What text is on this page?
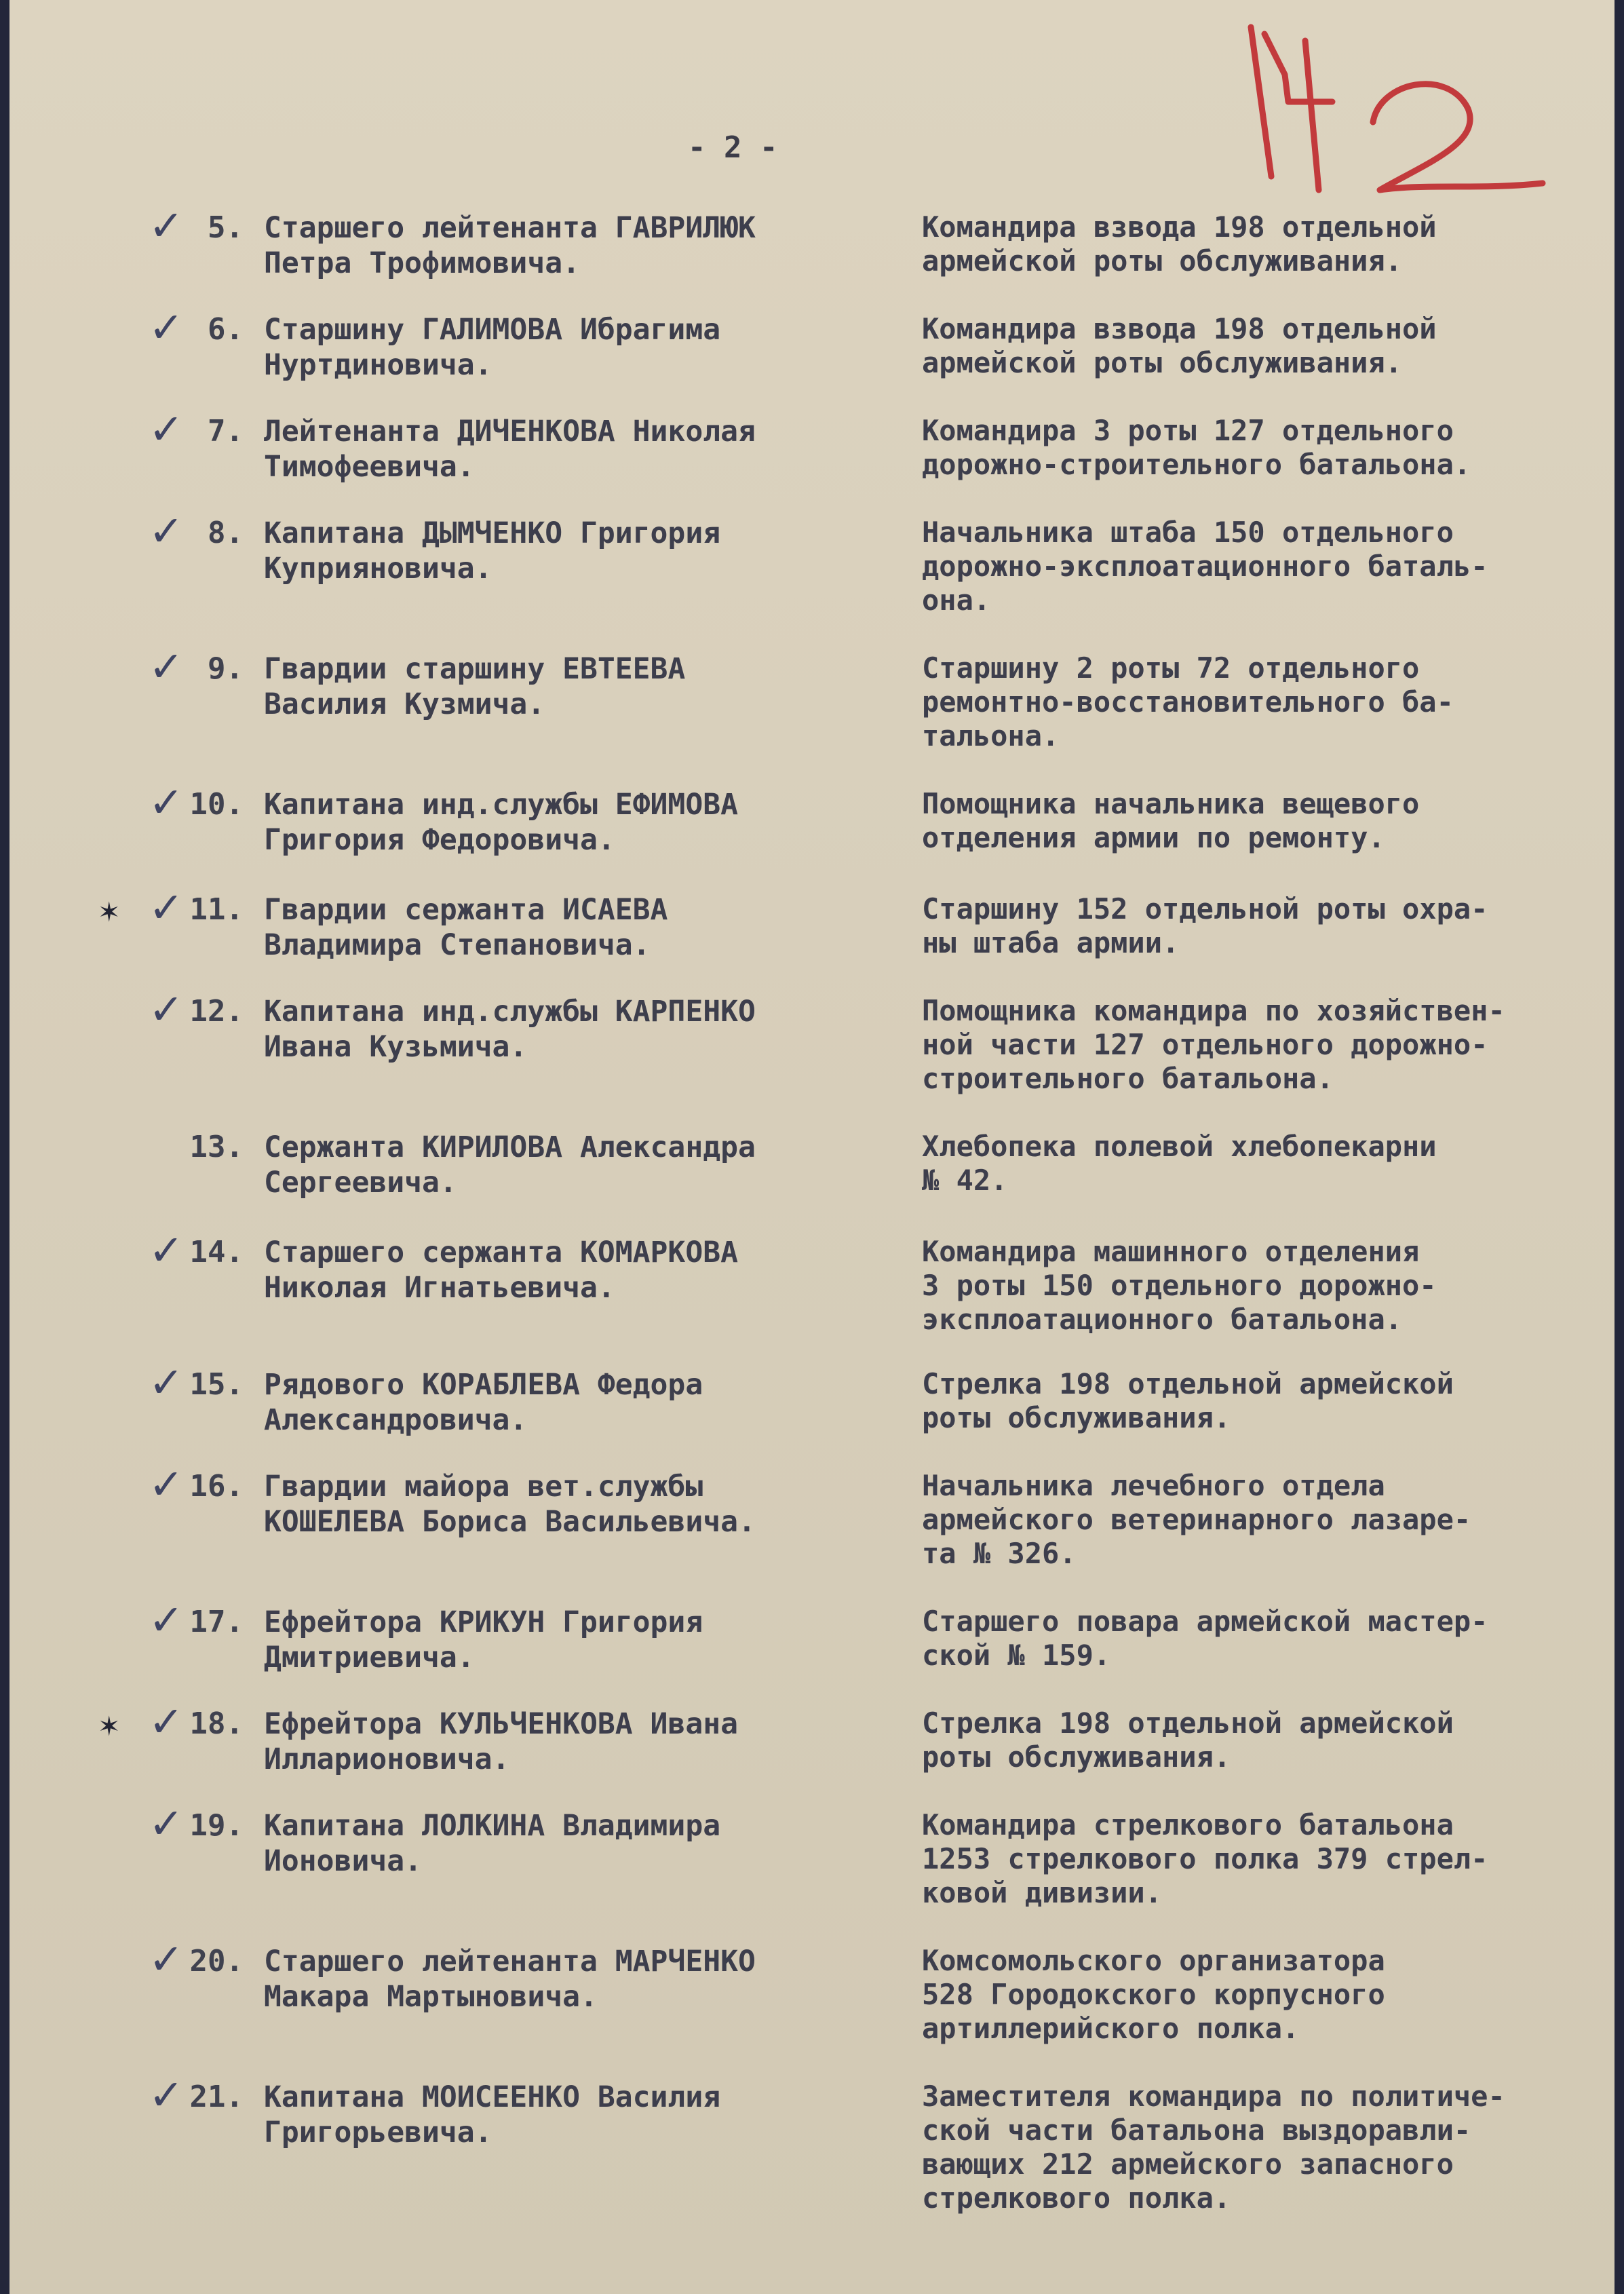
- 2 -
✓ 5. Старшего лейтенанта ГАВРИЛЮК
Петра Трофимовича.
Командира взвода 198 отдельной
армейской роты обслуживания.
✓ 6. Старшину ГАЛИМОВА Ибрагима
Нуртдиновича.
Командира взвода 198 отдельной
армейской роты обслуживания.
✓ 7. Лейтенанта ДИЧЕНКОВА Николая
Тимофеевича.
Командира 3 роты 127 отдельного
дорожно-строительного батальона.
✓ 8. Капитана ДЫМЧЕНКО Григория
Куприяновича.
Начальника штаба 150 отдельного
дорожно-эксплоатационного баталь-
она.
✓ 9. Гвардии старшину ЕВТЕЕВА
Василия Кузмича.
Старшину 2 роты 72 отдельного
ремонтно-восстановительного ба-
тальона.
✓ 10. Капитана инд.службы ЕФИМОВА
Григория Федоровича.
Помощника начальника вещевого
отделения армии по ремонту.
✶ ✓ 11. Гвардии сержанта ИСАЕВА
Владимира Степановича.
Старшину 152 отдельной роты охра-
ны штаба армии.
✓ 12. Капитана инд.службы КАРПЕНКО
Ивана Кузьмича.
Помощника командира по хозяйствен-
ной части 127 отдельного дорожно-
строительного батальона.
13. Сержанта КИРИЛОВА Александра
Сергеевича.
Хлебопека полевой хлебопекарни
№ 42.
✓ 14. Старшего сержанта КОМАРКОВА
Николая Игнатьевича.
Командира машинного отделения
3 роты 150 отдельного дорожно-
эксплоатационного батальона.
✓ 15. Рядового КОРАБЛЕВА Федора
Александровича.
Стрелка 198 отдельной армейской
роты обслуживания.
✓ 16. Гвардии майора вет.службы
КОШЕЛЕВА Бориса Васильевича.
Начальника лечебного отдела
армейского ветеринарного лазаре-
та № 326.
✓ 17. Ефрейтора КРИКУН Григория
Дмитриевича.
Старшего повара армейской мастер-
ской № 159.
✶ ✓ 18. Ефрейтора КУЛЬЧЕНКОВА Ивана
Илларионовича.
Стрелка 198 отдельной армейской
роты обслуживания.
✓ 19. Капитана ЛОЛКИНА Владимира
Ионовича.
Командира стрелкового батальона
1253 стрелкового полка 379 стрел-
ковой дивизии.
✓ 20. Старшего лейтенанта МАРЧЕНКО
Макара Мартыновича.
Комсомольского организатора
528 Городокского корпусного
артиллерийского полка.
✓ 21. Капитана МОИСЕЕНКО Василия
Григорьевича.
Заместителя командира по политиче-
ской части батальона выздоравли-
вающих 212 армейского запасного
стрелкового полка.
